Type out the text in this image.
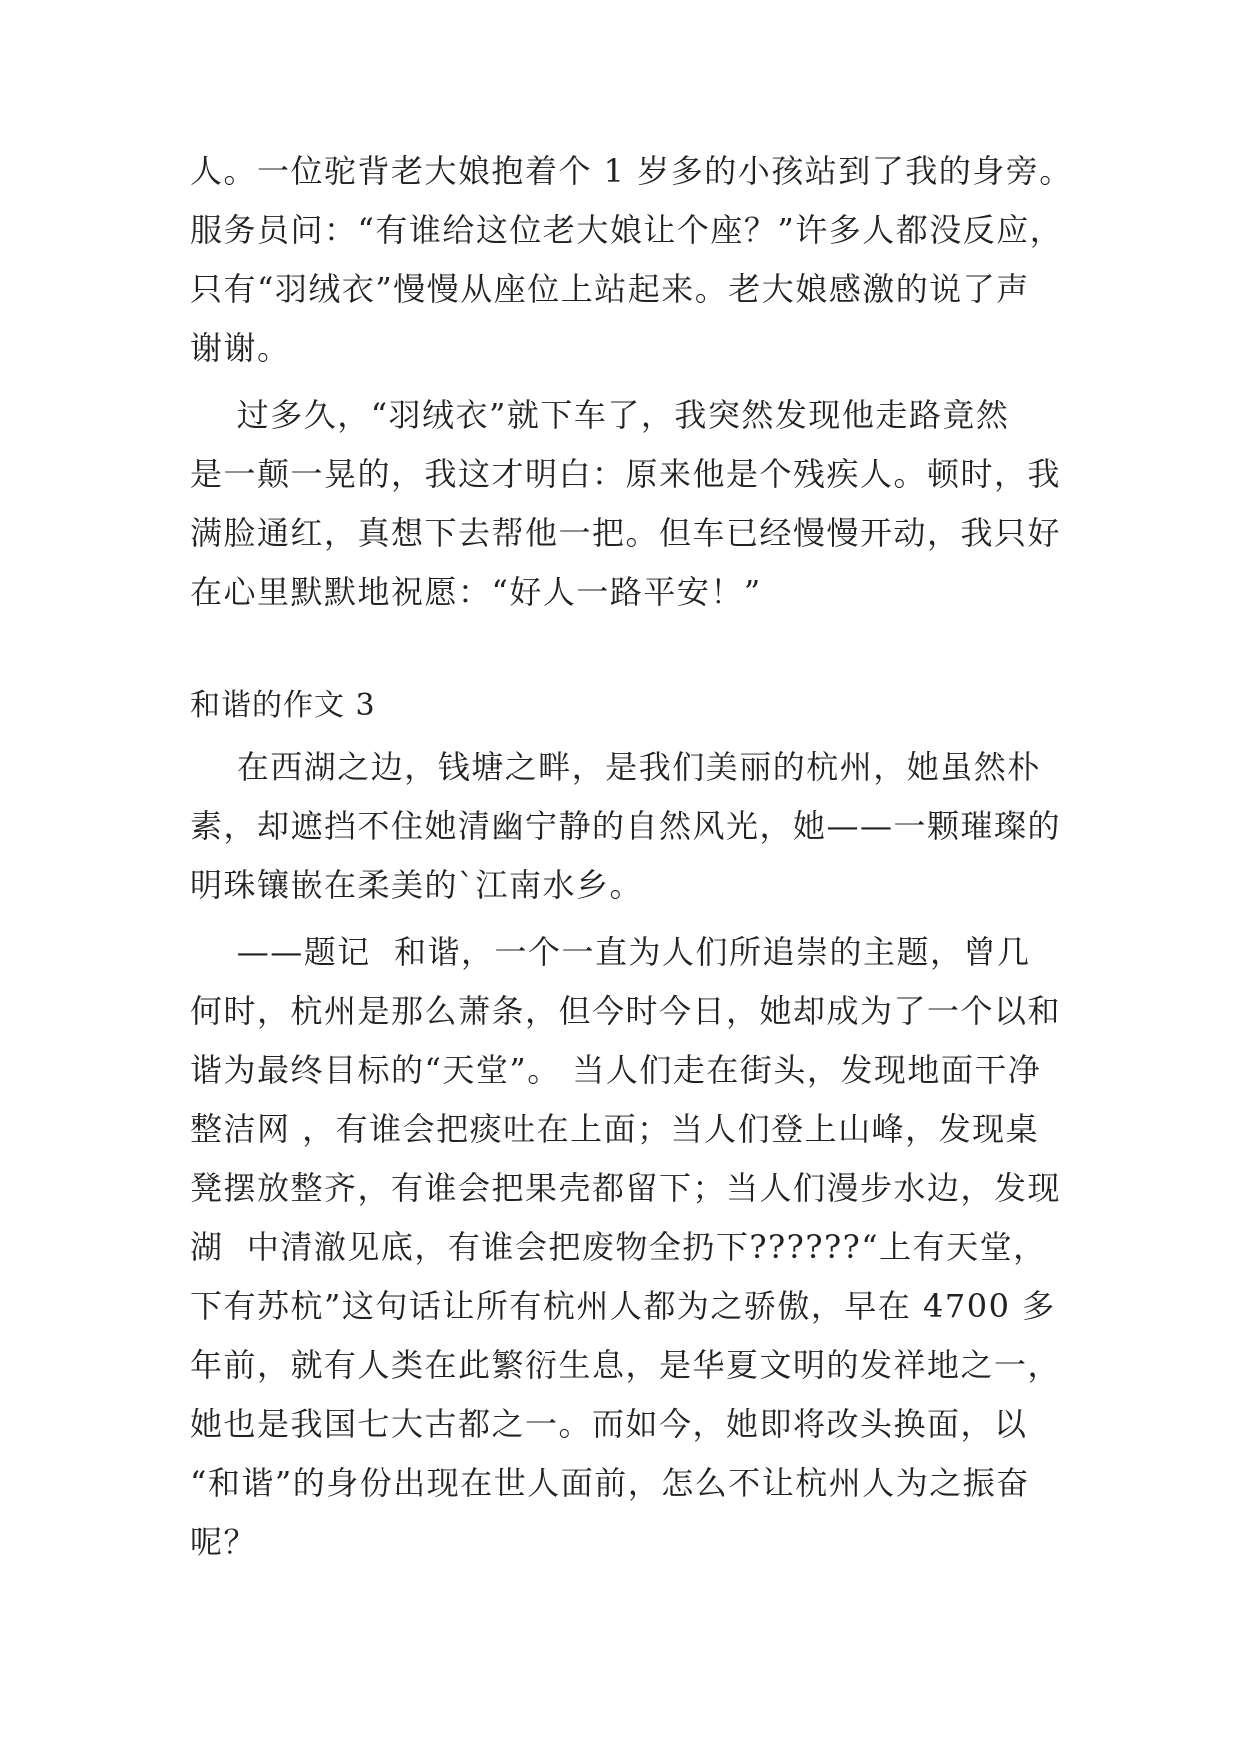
人。一位驼背老大娘抱着个 1 岁多的小孩站到了我的身旁。
服务员问：“有谁给这位老大娘让个座？”许多人都没反应，
只有“羽绒衣”慢慢从座位上站起来。老大娘感激的说了声
谢谢。
过多久，“羽绒衣”就下车了，我突然发现他走路竟然
是一颠一晃的，我这才明白：原来他是个残疾人。顿时，我
满脸通红，真想下去帮他一把。但车已经慢慢开动，我只好
在心里默默地祝愿：“好人一路平安！”
和谐的作文 3
在西湖之边，钱塘之畔，是我们美丽的杭州，她虽然朴
素，却遮挡不住她清幽宁静的自然风光，她——一颗璀璨的
明珠镶嵌在柔美的`江南水乡。
——题记  和谐，一个一直为人们所追崇的主题，曾几
何时，杭州是那么萧条，但今时今日，她却成为了一个以和
谐为最终目标的“天堂”。 当人们走在街头，发现地面干净
整洁网 ，有谁会把痰吐在上面；当人们登上山峰，发现桌
凳摆放整齐，有谁会把果壳都留下；当人们漫步水边，发现
湖  中清澈见底，有谁会把废物全扔下??????“上有天堂，
下有苏杭”这句话让所有杭州人都为之骄傲，早在 4700 多
年前，就有人类在此繁衍生息，是华夏文明的发祥地之一，
她也是我国七大古都之一。而如今，她即将改头换面，以
“和谐”的身份出现在世人面前，怎么不让杭州人为之振奋
呢？
